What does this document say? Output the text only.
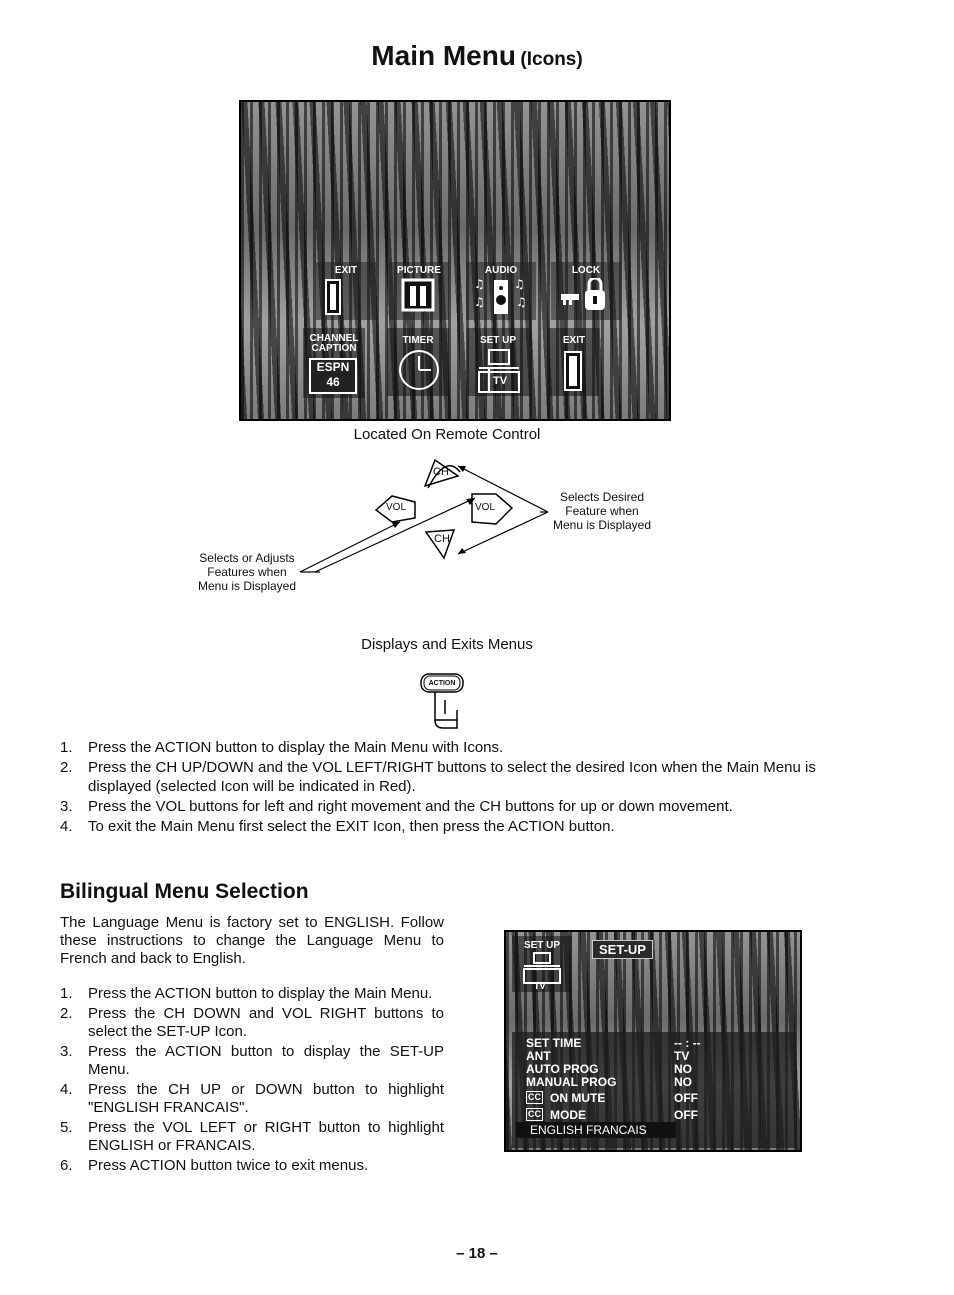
Main Menu (Icons)
EXIT	PICTURE	AUDIO
♫ ♫
♫	♫
LOCK
CHANNEL
CAPTION
ESPN
46
TIMER	SET UP
TV
EXIT
Located On Remote Control
CH
VOL	VOL
CH
Selects Desired
Feature when
Menu is Displayed
Selects or Adjusts
Features when
Menu is Displayed
Displays and Exits Menus
ACTION
1. Press the ACTION button to display the Main Menu with Icons.
2. Press the CH UP/DOWN and the VOL LEFT/RIGHT buttons to select the desired Icon when the Main Menu is displayed (selected Icon will be indicated in Red).
3. Press the VOL buttons for left and right movement and the CH buttons for up or down movement.
4. To exit the Main Menu first select the EXIT Icon, then press the ACTION button.
Bilingual Menu Selection
The Language Menu is factory set to ENGLISH. Follow these instructions to change the Language Menu to French and back to English.
1. Press the ACTION button to display the Main Menu.
2. Press the CH DOWN and VOL RIGHT buttons to select the SET-UP Icon.
3. Press the ACTION button to display the SET-UP Menu.
4. Press the CH UP or DOWN button to highlight "ENGLISH FRANCAIS".
5. Press the VOL LEFT or RIGHT button to highlight ENGLISH or FRANCAIS.
6. Press ACTION button twice to exit menus.
SET UP
TV
SET-UP
SET TIME	-- : --
ANT	TV
AUTO PROG	NO
MANUAL PROG	NO
CC ON MUTE	OFF
CC MODE	OFF
ENGLISH FRANCAIS
– 18 –
